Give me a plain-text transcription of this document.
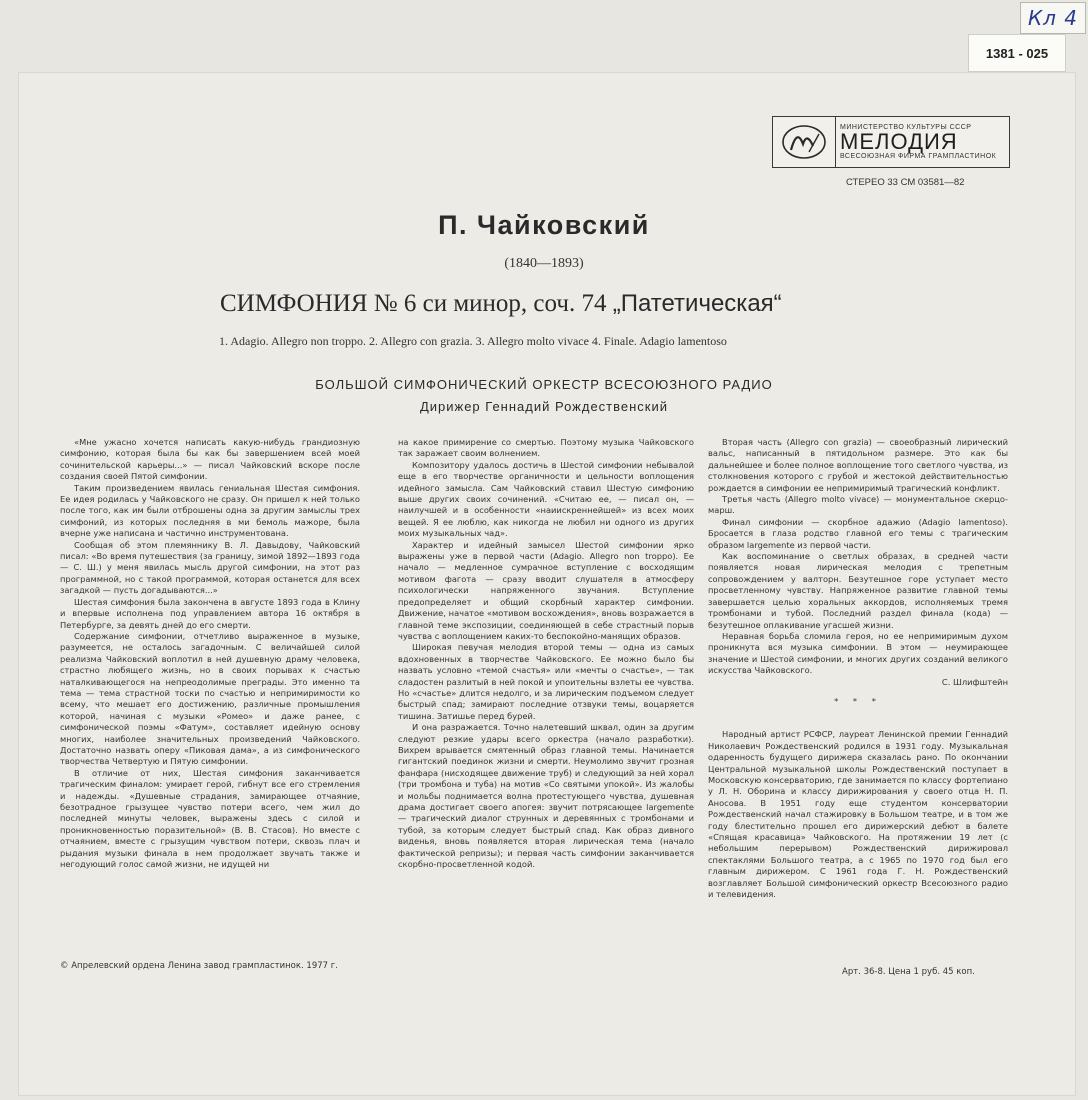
Кл 4
1381 - 025
МИНИСТЕРСТВО КУЛЬТУРЫ СССР
МЕЛОДИЯ
ВСЕСОЮЗНАЯ ФИРМА ГРАМПЛАСТИНОК
СТЕРЕО 33 СМ 03581—82
П. Чайковский
(1840—1893)
СИМФОНИЯ № 6 си минор, соч. 74 „Патетическая“
1. Adagio. Allegro non troppo. 2. Allegro con grazia. 3. Allegro molto vivace 4. Finale. Adagio lamentoso
БОЛЬШОЙ СИМФОНИЧЕСКИЙ ОРКЕСТР ВСЕСОЮЗНОГО РАДИО
Дирижер Геннадий Рождественский

«Мне ужасно хочется написать какую-нибудь грандиозную симфонию, которая была бы как бы завершением всей моей сочинительской карьеры...» — писал Чайковский вскоре после создания своей Пятой симфонии.

Таким произведением явилась гениальная Шестая симфония. Ее идея родилась у Чайковского не сразу. Он пришел к ней только после того, как им были отброшены одна за другим замыслы трех симфоний, из которых последняя в ми бемоль мажоре, была вчерне уже написана и частично инструментована.

Сообщая об этом племяннику В. Л. Давыдову, Чайковский писал: «Во время путешествия (за границу, зимой 1892—1893 года — С. Ш.) у меня явилась мысль другой симфонии, на этот раз программной, но с такой программой, которая останется для всех загадкой — пусть догадываются...»

Шестая симфония была закончена в августе 1893 года в Клину и впервые исполнена под управлением автора 16 октября в Петербурге, за девять дней до его смерти.

Содержание симфонии, отчетливо выраженное в музыке, разумеется, не осталось загадочным. С величайшей силой реализма Чайковский воплотил в ней душевную драму человека, страстно любящего жизнь, но в своих порывах к счастью наталкивающегося на непреодолимые преграды. Это именно та тема — тема страстной тоски по счастью и непримиримости ко всему, что мешает его достижению, различные промышления которой, начиная с музыки «Ромео» и даже ранее, с симфонической поэмы «Фатум», составляет идейную основу многих, наиболее значительных произведений Чайковского. Достаточно назвать оперу «Пиковая дама», а из симфонического творчества Четвертую и Пятую симфонии.

В отличие от них, Шестая симфония заканчивается трагическим финалом: умирает герой, гибнут все его стремления и надежды. «Душевные страдания, замирающее отчаяние, безотрадное грызущее чувство потери всего, чем жил до последней минуты человек, выражены здесь с силой и проникновенностью поразительной» (В. В. Стасов). Но вместе с отчаянием, вместе с грызущим чувством потери, сквозь плач и рыдания музыки финала в нем продолжает звучать также и негодующий голос самой жизни, не идущей ни

на какое примирение со смертью. Поэтому музыка Чайковского так заражает своим волнением.

Композитору удалось достичь в Шестой симфонии небывалой еще в его творчестве органичности и цельности воплощения идейного замысла. Сам Чайковский ставил Шестую симфонию выше других своих сочинений. «Считаю ее, — писал он, — наилучшей и в особенности «наиискреннейшей» из всех моих вещей. Я ее люблю, как никогда не любил ни одного из других моих музыкальных чад».

Характер и идейный замысел Шестой симфонии ярко выражены уже в первой части (Adagio. Allegro non troppo). Ее начало — медленное сумрачное вступление с восходящим мотивом фагота — сразу вводит слушателя в атмосферу психологически напряженного звучания. Вступление предопределяет и общий скорбный характер симфонии. Движение, начатое «мотивом восхождения», вновь возражается в главной теме экспозиции, соединяющей в себе страстный порыв чувства с воплощением каких-то беспокойно-манящих образов.

Широкая певучая мелодия второй темы — одна из самых вдохновенных в творчестве Чайковского. Ее можно было бы назвать условно «темой счастья» или «мечты о счастье», — так сладостен разлитый в ней покой и упоительны взлеты ее чувства. Но «счастье» длится недолго, и за лирическим подъемом следует быстрый спад; замирают последние отзвуки темы, воцаряется тишина. Затишье перед бурей.

И она разражается. Точно налетевший шквал, один за другим следуют резкие удары всего оркестра (начало разработки). Вихрем врывается смятенный образ главной темы. Начинается гигантский поединок жизни и смерти. Неумолимо звучит грозная фанфара (нисходящее движение труб) и следующий за ней хорал (три тромбона и туба) на мотив «Со святыми упокой». Из жалобы и мольбы поднимается волна протестующего чувства, душевная драма достигает своего апогея: звучит потрясающее largemente — трагический диалог струнных и деревянных с тромбонами и тубой, за которым следует быстрый спад. Как образ дивного виденья, вновь появляется вторая лирическая тема (начало фактической репризы); и первая часть симфонии заканчивается скорбно-просветленной кодой.

Вторая часть (Allegro con grazia) — своеобразный лирический вальс, написанный в пятидольном размере. Это как бы дальнейшее и более полное воплощение того светлого чувства, из столкновения которого с грубой и жестокой действительностью рождается в симфонии ее непримиримый трагический конфликт.

Третья часть (Allegro molto vivace) — монументальное скерцо-марш.

Финал симфонии — скорбное адажио (Adagio lamentoso). Бросается в глаза родство главной его темы с трагическим образом largemente из первой части.

Как воспоминание о светлых образах, в средней части появляется новая лирическая мелодия с трепетным сопровождением у валторн. Безутешное горе уступает место просветленному чувству. Напряженное развитие главной темы завершается целью хоральных аккордов, исполняемых тремя тромбонами и тубой. Последний раздел финала (кода) — безутешное оплакивание угасшей жизни.

Неравная борьба сломила героя, но ее непримиримым духом проникнута вся музыка симфонии. В этом — неумирающее значение и Шестой симфонии, и многих других созданий великого искусства Чайковского.

С. Шлифштейн

* * *

Народный артист РСФСР, лауреат Ленинской премии Геннадий Николаевич Рождественский родился в 1931 году. Музыкальная одаренность будущего дирижера сказалась рано. По окончании Центральной музыкальной школы Рождественский поступает в Московскую консерваторию, где занимается по классу фортепиано у Л. Н. Оборина и классу дирижирования у своего отца Н. П. Аносова. В 1951 году еще студентом консерватории Рождественский начал стажировку в Большом театре, и в том же году блестительно прошел его дирижерский дебют в балете «Спящая красавица» Чайковского. На протяжении 19 лет (с небольшим перерывом) Рождественский дирижировал спектаклями Большого театра, а с 1965 по 1970 год был его главным дирижером. С 1961 года Г. Н. Рождественский возглавляет Большой симфонический оркестр Всесоюзного радио и телевидения.

© Апрелевский ордена Ленина завод грампластинок. 1977 г.
Арт. 36-8. Цена 1 руб. 45 коп.
